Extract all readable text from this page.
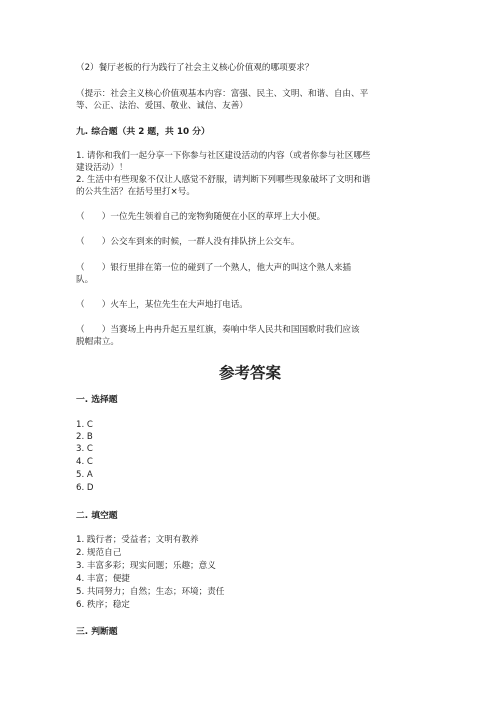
（2）餐厅老板的行为践行了社会主义核心价值观的哪项要求？
（提示：社会主义核心价值观基本内容：富强、民主、文明、和谐、自由、平
等、公正、法治、爱国、敬业、诚信、友善）
九. 综合题（共 2 题，共 10 分）
1. 请你和我们一起分享一下你参与社区建设活动的内容（或者你参与社区哪些
建设活动）！
2. 生活中有些现象不仅让人感觉不舒服，请判断下列哪些现象破坏了文明和谐
的公共生活？在括号里打×号。
（　　）一位先生领着自己的宠物狗随便在小区的草坪上大小便。
（　　）公交车到来的时候，一群人没有排队挤上公交车。
（　　）银行里排在第一位的碰到了一个熟人，他大声的叫这个熟人来插
队。
（　　）火车上，某位先生在大声地打电话。
（　　）当赛场上冉冉升起五星红旗，奏响中华人民共和国国歌时我们应该
脱帽肃立。
参考答案
一. 选择题
1. C
2. B
3. C
4. C
5. A
6. D
二. 填空题
1. 践行者；受益者；文明有教养
2. 规范自己
3. 丰富多彩；现实问题；乐趣；意义
4. 丰富；便捷
5. 共同努力；自然；生态；环境；责任
6. 秩序；稳定
三. 判断题
